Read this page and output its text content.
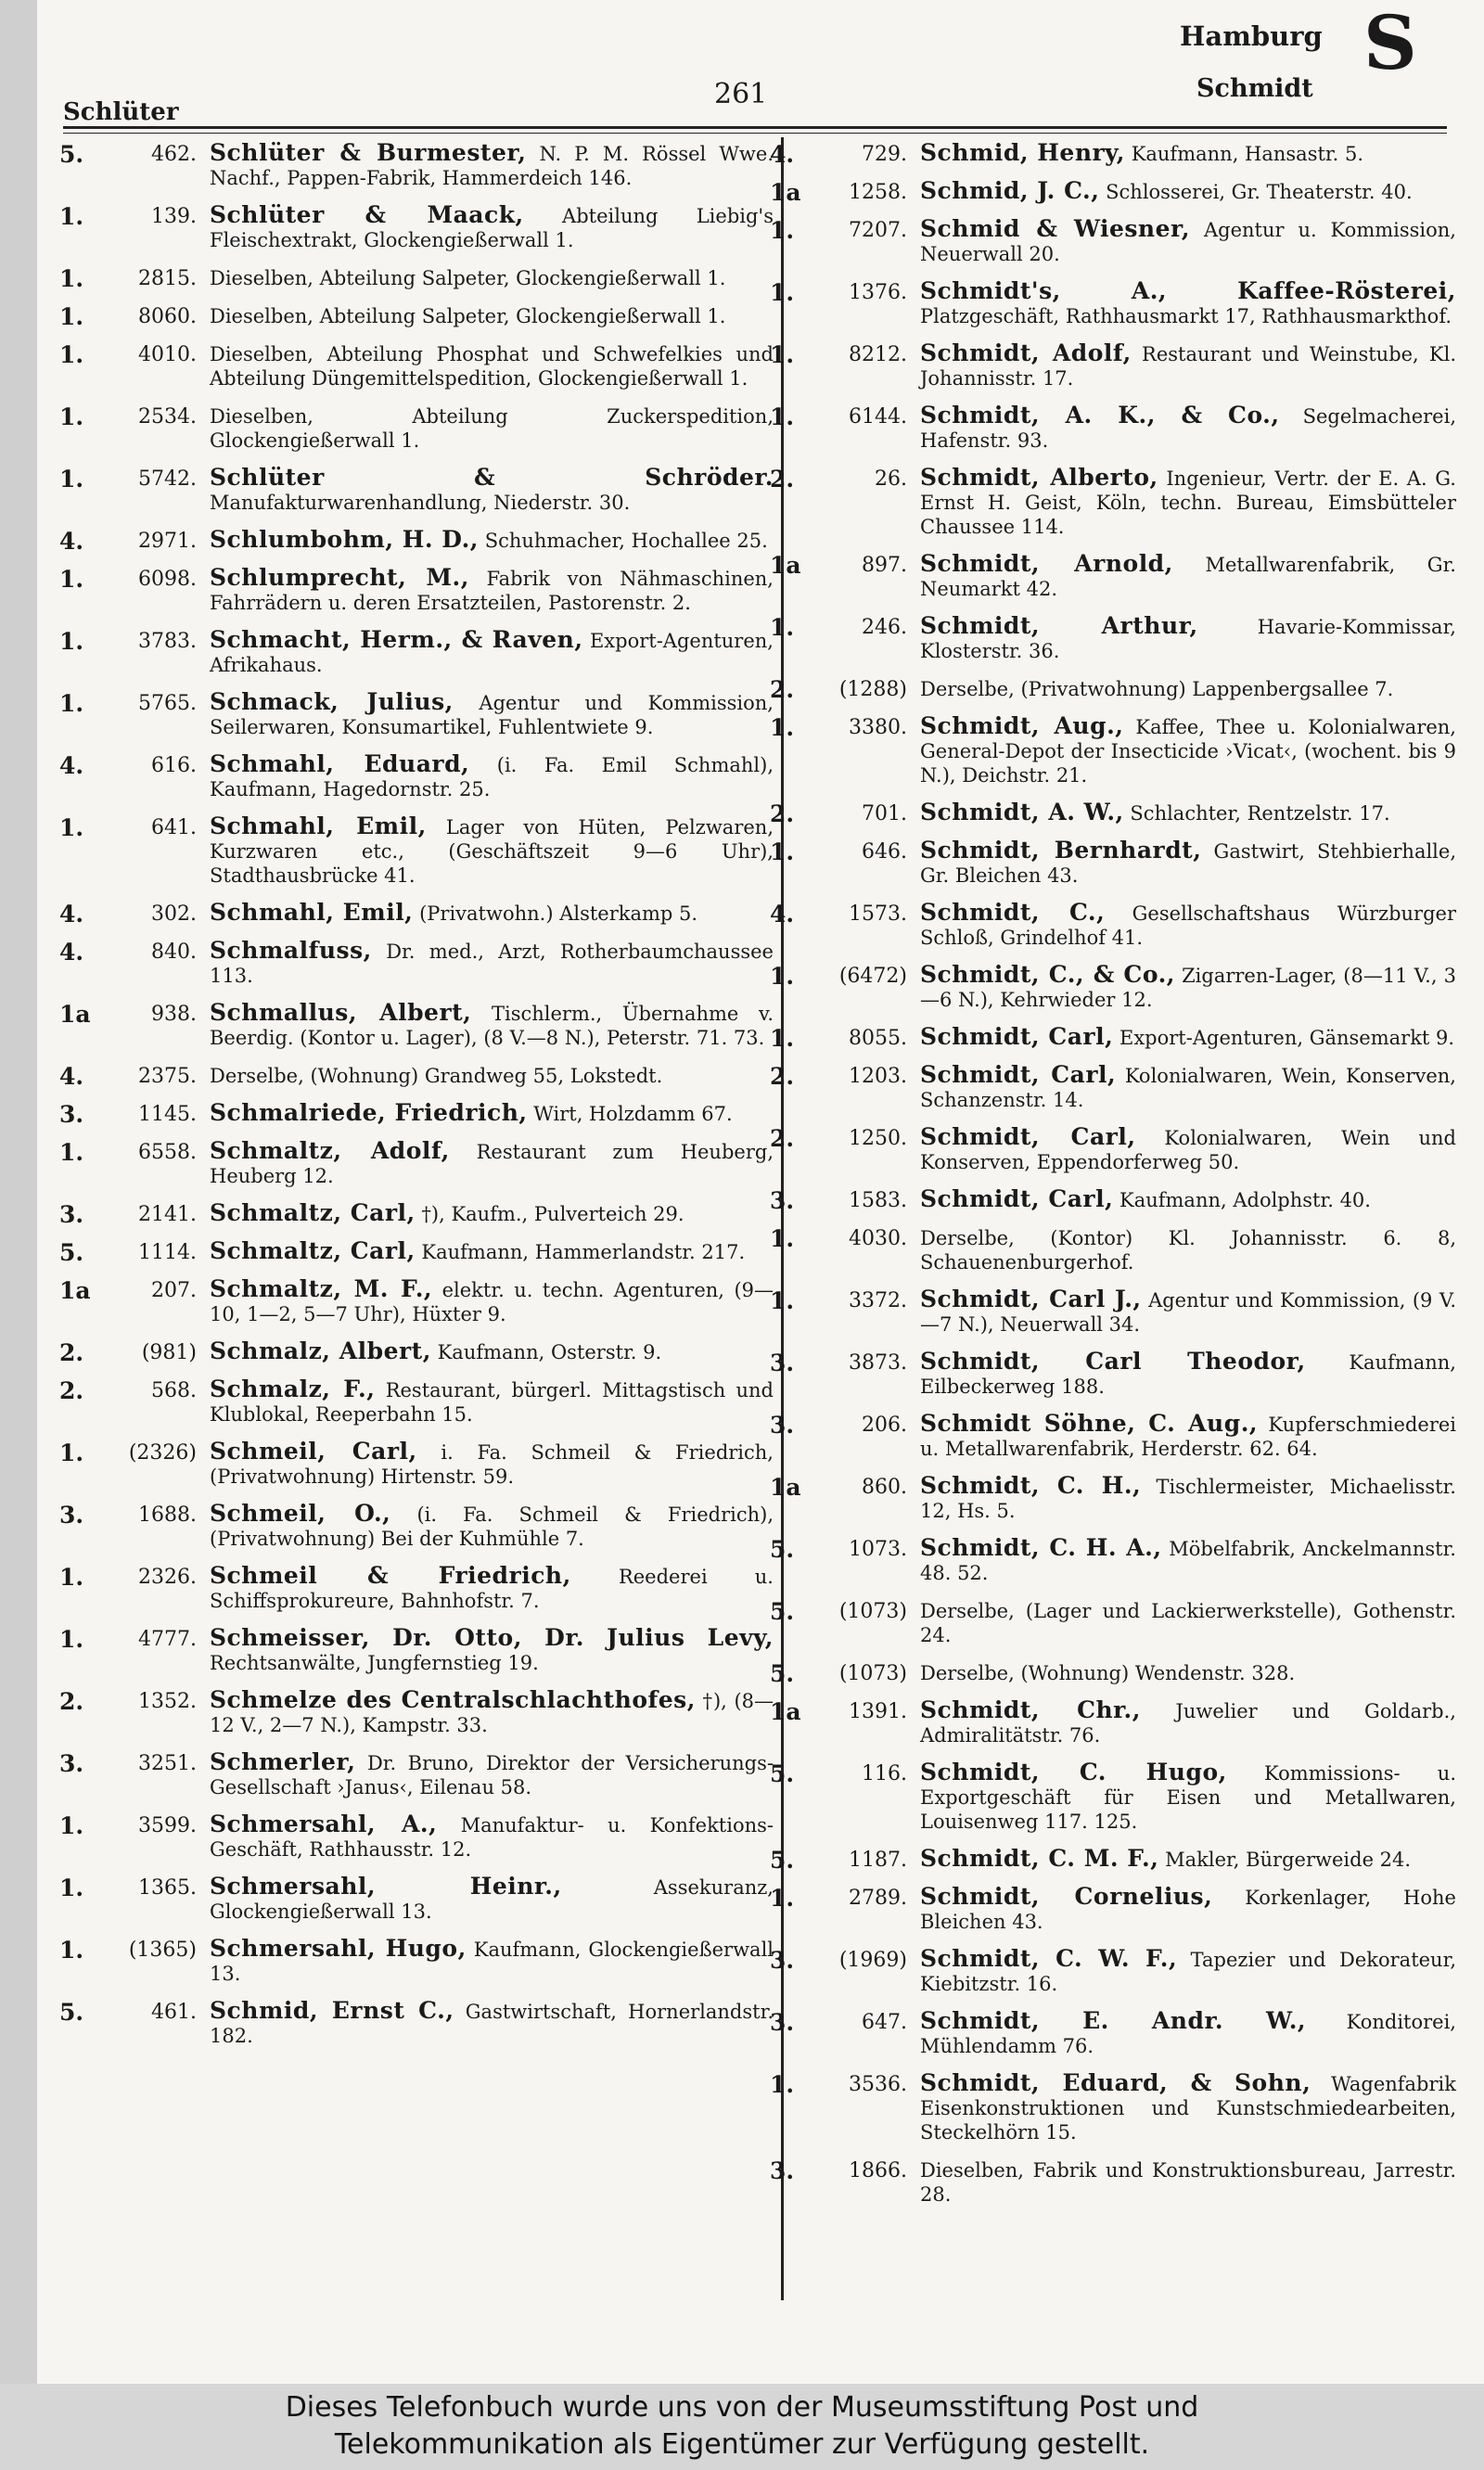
Schlüter
261
Hamburg
Schmidt
S
5.	462. Schlüter & Burmester, N. P. M. Rössel Wwe. Nachf., Pappen-Fabrik, Hammerdeich 146.
1.	139. Schlüter & Maack, Abteilung Liebig's Fleischextrakt, Glockengießerwall 1.
1.	2815. Dieselben, Abteilung Salpeter, Glockengießerwall 1.
1.	8060. Dieselben, Abteilung Salpeter, Glockengießerwall 1.
1.	4010. Dieselben, Abteilung Phosphat und Schwefelkies und Abteilung Düngemittelspedition, Glockengießerwall 1.
1.	2534. Dieselben, Abteilung Zuckerspedition, Glockengießerwall 1.
1.	5742. Schlüter & Schröder. Manufakturwarenhandlung, Niederstr. 30.
4.	2971. Schlumbohm, H. D., Schuhmacher, Hochallee 25.
1.	6098. Schlumprecht, M., Fabrik von Nähmaschinen, Fahrrädern u. deren Ersatzteilen, Pastorenstr. 2.
1.	3783. Schmacht, Herm., & Raven, Export-Agenturen, Afrikahaus.
1.	5765. Schmack, Julius, Agentur und Kommission, Seilerwaren, Konsumartikel, Fuhlentwiete 9.
4.	616. Schmahl, Eduard, (i. Fa. Emil Schmahl), Kaufmann, Hagedornstr. 25.
1.	641. Schmahl, Emil, Lager von Hüten, Pelzwaren, Kurzwaren etc., (Geschäftszeit 9—6 Uhr), Stadthausbrücke 41.
4.	302. Schmahl, Emil, (Privatwohn.) Alsterkamp 5.
4.	840. Schmalfuss, Dr. med., Arzt, Rotherbaumchaussee 113.
1a	938. Schmallus, Albert, Tischlerm., Übernahme v. Beerdig. (Kontor u. Lager), (8 V.—8 N.), Peterstr. 71. 73.
4.	2375. Derselbe, (Wohnung) Grandweg 55, Lokstedt.
3.	1145. Schmalriede, Friedrich, Wirt, Holzdamm 67.
1.	6558. Schmaltz, Adolf, Restaurant zum Heuberg, Heuberg 12.
3.	2141. Schmaltz, Carl, †), Kaufm., Pulverteich 29.
5.	1114. Schmaltz, Carl, Kaufmann, Hammerlandstr. 217.
1a	207. Schmaltz, M. F., elektr. u. techn. Agenturen, (9—10, 1—2, 5—7 Uhr), Hüxter 9.
2.	(981) Schmalz, Albert, Kaufmann, Osterstr. 9.
2.	568. Schmalz, F., Restaurant, bürgerl. Mittagstisch und Klublokal, Reeperbahn 15.
1.	(2326) Schmeil, Carl, i. Fa. Schmeil & Friedrich, (Privatwohnung) Hirtenstr. 59.
3.	1688. Schmeil, O., (i. Fa. Schmeil & Friedrich), (Privatwohnung) Bei der Kuhmühle 7.
1.	2326. Schmeil & Friedrich, Reederei u. Schiffsprokureure, Bahnhofstr. 7.
1.	4777. Schmeisser, Dr. Otto, Dr. Julius Levy, Rechtsanwälte, Jungfernstieg 19.
2.	1352. Schmelze des Centralschlachthofes, †), (8—12 V., 2—7 N.), Kampstr. 33.
3.	3251. Schmerler, Dr. Bruno, Direktor der Versicherungs-Gesellschaft ›Janus‹, Eilenau 58.
1.	3599. Schmersahl, A., Manufaktur- u. Konfektions-Geschäft, Rathhausstr. 12.
1.	1365. Schmersahl, Heinr.,	Assekuranz, Glockengießerwall 13.
1.	(1365) Schmersahl, Hugo, Kaufmann, Glockengießerwall 13.
5.	461. Schmid, Ernst C., Gastwirtschaft, Hornerlandstr. 182.
4.	729. Schmid, Henry, Kaufmann, Hansastr. 5.
1a	1258. Schmid, J. C., Schlosserei, Gr. Theaterstr. 40.
1.	7207. Schmid & Wiesner, Agentur u. Kommission, Neuerwall 20.
1.	1376. Schmidt's, A., Kaffee-Rösterei, Platzgeschäft, Rathhausmarkt 17, Rathhausmarkthof.
1.	8212. Schmidt, Adolf, Restaurant und Weinstube, Kl. Johannisstr. 17.
1.	6144. Schmidt, A. K., & Co., Segelmacherei, Hafenstr. 93.
2.	26. Schmidt, Alberto, Ingenieur, Vertr. der E. A. G. Ernst H. Geist, Köln, techn. Bureau, Eimsbütteler Chaussee 114.
1a	897. Schmidt, Arnold, Metallwarenfabrik, Gr. Neumarkt 42.
1.	246. Schmidt, Arthur,	Havarie-Kommissar, Klosterstr. 36.
2.	(1288) Derselbe, (Privatwohnung) Lappenbergsallee 7.
1.	3380. Schmidt, Aug., Kaffee, Thee u. Kolonialwaren, General-Depot der Insecticide ›Vicat‹, (wochent. bis 9 N.), Deichstr. 21.
2.	701. Schmidt, A. W., Schlachter, Rentzelstr. 17.
1.	646. Schmidt, Bernhardt, Gastwirt, Stehbierhalle, Gr. Bleichen 43.
4.	1573. Schmidt, C., Gesellschaftshaus Würzburger Schloß, Grindelhof 41.
1.	(6472) Schmidt, C., & Co., Zigarren-Lager, (8—11 V., 3—6 N.), Kehrwieder 12.
1.	8055. Schmidt, Carl, Export-Agenturen, Gänsemarkt 9.
2.	1203. Schmidt, Carl, Kolonialwaren, Wein, Konserven, Schanzenstr. 14.
2.	1250. Schmidt, Carl, Kolonialwaren, Wein und Konserven, Eppendorferweg 50.
3.	1583. Schmidt, Carl, Kaufmann, Adolphstr. 40.
1.	4030. Derselbe, (Kontor) Kl. Johannisstr. 6. 8, Schauenenburgerhof.
1.	3372. Schmidt, Carl J., Agentur und Kommission, (9 V.—7 N.), Neuerwall 34.
3.	3873. Schmidt, Carl Theodor, Kaufmann, Eilbeckerweg 188.
3.	206. Schmidt Söhne, C. Aug., Kupferschmiederei u. Metallwarenfabrik, Herderstr. 62. 64.
1a	860. Schmidt, C. H., Tischlermeister, Michaelisstr. 12, Hs. 5.
5.	1073. Schmidt, C. H. A., Möbelfabrik, Anckelmannstr. 48. 52.
5.	(1073) Derselbe, (Lager und Lackierwerkstelle), Gothenstr. 24.
5.	(1073) Derselbe, (Wohnung) Wendenstr. 328.
1a	1391. Schmidt, Chr., Juwelier und Goldarb., Admiralitätstr. 76.
5.	116. Schmidt, C. Hugo, Kommissions- u. Exportgeschäft für Eisen und Metallwaren, Louisenweg 117. 125.
5.	1187. Schmidt, C. M. F., Makler, Bürgerweide 24.
1.	2789. Schmidt, Cornelius, Korkenlager, Hohe Bleichen 43.
3.	(1969) Schmidt, C. W. F., Tapezier und Dekorateur, Kiebitzstr. 16.
3.	647. Schmidt, E. Andr. W., Konditorei, Mühlendamm 76.
1.	3536. Schmidt, Eduard, & Sohn, Wagenfabrik Eisenkonstruktionen und Kunstschmiedearbeiten, Steckelhörn 15.
3.	1866. Dieselben, Fabrik und Konstruktionsbureau, Jarrestr. 28.
Dieses Telefonbuch wurde uns von der Museumsstiftung Post und
Telekommunikation als Eigentümer zur Verfügung gestellt.
